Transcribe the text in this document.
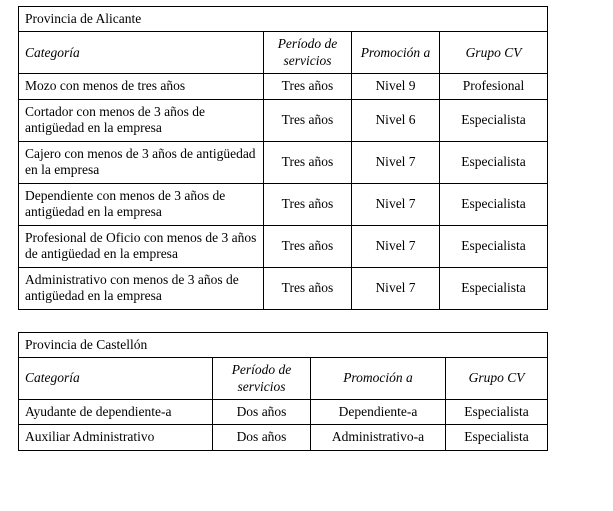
Provincia de Alicante			
Categoría	Período de servicios	Promoción a	Grupo CV
Mozo con menos de tres años	Tres años	Nivel 9	Profesional
Cortador con menos de 3 años de antigüedad en la empresa	Tres años	Nivel 6	Especialista
Cajero con menos de 3 años de antigüedad en la empresa	Tres años	Nivel 7	Especialista
Dependiente con menos de 3 años de antigüedad en la empresa	Tres años	Nivel 7	Especialista
Profesional de Oficio con menos de 3 años de antigüedad en la empresa	Tres años	Nivel 7	Especialista
Administrativo con menos de 3 años de antigüedad en la empresa	Tres años	Nivel 7	Especialista
Provincia de Castellón			
Categoría	Período de servicios	Promoción a	Grupo CV
Ayudante de dependiente-a	Dos años	Dependiente-a	Especialista
Auxiliar Administrativo	Dos años	Administrativo-a	Especialista
